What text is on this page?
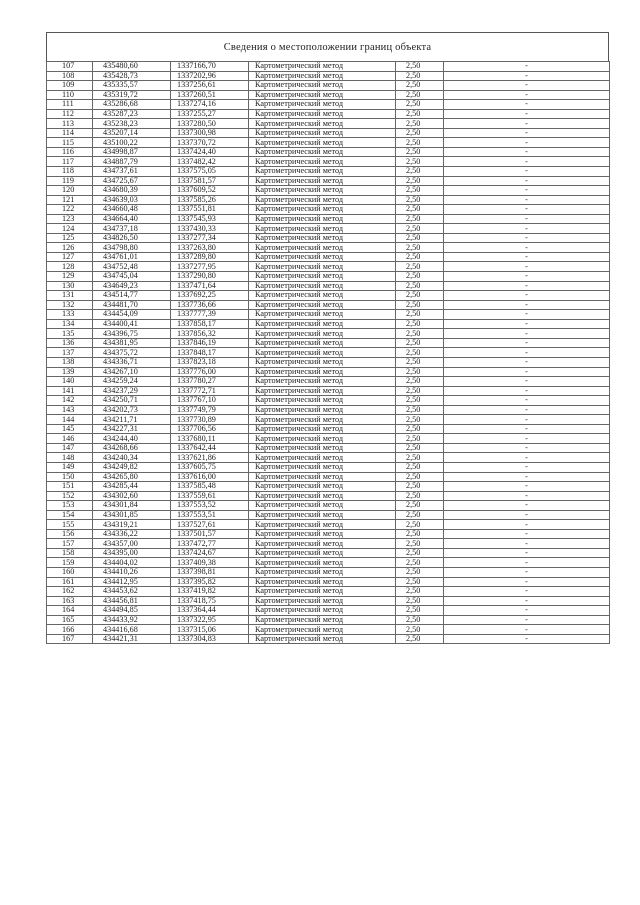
Сведения о местоположении границ объекта
107	435480,60	1337166,70	Картометрический метод	2,50	-
108	435428,73	1337202,96	Картометрический метод	2,50	-
109	435335,57	1337256,61	Картометрический метод	2,50	-
110	435319,72	1337260,51	Картометрический метод	2,50	-
111	435286,68	1337274,16	Картометрический метод	2,50	-
112	435287,23	1337255,27	Картометрический метод	2,50	-
113	435238,23	1337280,50	Картометрический метод	2,50	-
114	435207,14	1337300,98	Картометрический метод	2,50	-
115	435100,22	1337370,72	Картометрический метод	2,50	-
116	434998,87	1337424,40	Картометрический метод	2,50	-
117	434887,79	1337482,42	Картометрический метод	2,50	-
118	434737,61	1337575,05	Картометрический метод	2,50	-
119	434725,67	1337581,57	Картометрический метод	2,50	-
120	434680,39	1337609,52	Картометрический метод	2,50	-
121	434639,03	1337585,26	Картометрический метод	2,50	-
122	434660,48	1337551,81	Картометрический метод	2,50	-
123	434664,40	1337545,93	Картометрический метод	2,50	-
124	434737,18	1337430,33	Картометрический метод	2,50	-
125	434826,50	1337277,34	Картометрический метод	2,50	-
126	434798,80	1337263,80	Картометрический метод	2,50	-
127	434761,01	1337289,80	Картометрический метод	2,50	-
128	434752,48	1337277,95	Картометрический метод	2,50	-
129	434745,04	1337290,80	Картометрический метод	2,50	-
130	434649,23	1337471,64	Картометрический метод	2,50	-
131	434514,77	1337692,25	Картометрический метод	2,50	-
132	434481,70	1337736,66	Картометрический метод	2,50	-
133	434454,09	1337777,39	Картометрический метод	2,50	-
134	434400,41	1337858,17	Картометрический метод	2,50	-
135	434396,75	1337856,32	Картометрический метод	2,50	-
136	434381,95	1337846,19	Картометрический метод	2,50	-
137	434375,72	1337848,17	Картометрический метод	2,50	-
138	434336,71	1337823,18	Картометрический метод	2,50	-
139	434267,10	1337776,00	Картометрический метод	2,50	-
140	434259,24	1337780,27	Картометрический метод	2,50	-
141	434237,29	1337772,71	Картометрический метод	2,50	-
142	434250,71	1337767,10	Картометрический метод	2,50	-
143	434202,73	1337749,79	Картометрический метод	2,50	-
144	434211,71	1337730,89	Картометрический метод	2,50	-
145	434227,31	1337706,56	Картометрический метод	2,50	-
146	434244,40	1337680,11	Картометрический метод	2,50	-
147	434268,66	1337642,44	Картометрический метод	2,50	-
148	434240,34	1337621,86	Картометрический метод	2,50	-
149	434249,82	1337605,75	Картометрический метод	2,50	-
150	434265,80	1337616,00	Картометрический метод	2,50	-
151	434285,44	1337585,48	Картометрический метод	2,50	-
152	434302,60	1337559,61	Картометрический метод	2,50	-
153	434301,84	1337553,52	Картометрический метод	2,50	-
154	434301,85	1337553,51	Картометрический метод	2,50	-
155	434319,21	1337527,61	Картометрический метод	2,50	-
156	434336,22	1337501,57	Картометрический метод	2,50	-
157	434357,00	1337472,77	Картометрический метод	2,50	-
158	434395,00	1337424,67	Картометрический метод	2,50	-
159	434404,02	1337409,38	Картометрический метод	2,50	-
160	434410,26	1337398,81	Картометрический метод	2,50	-
161	434412,95	1337395,82	Картометрический метод	2,50	-
162	434453,62	1337419,82	Картометрический метод	2,50	-
163	434456,81	1337418,75	Картометрический метод	2,50	-
164	434494,85	1337364,44	Картометрический метод	2,50	-
165	434433,92	1337322,95	Картометрический метод	2,50	-
166	434416,68	1337315,06	Картометрический метод	2,50	-
167	434421,31	1337304,83	Картометрический метод	2,50	-
